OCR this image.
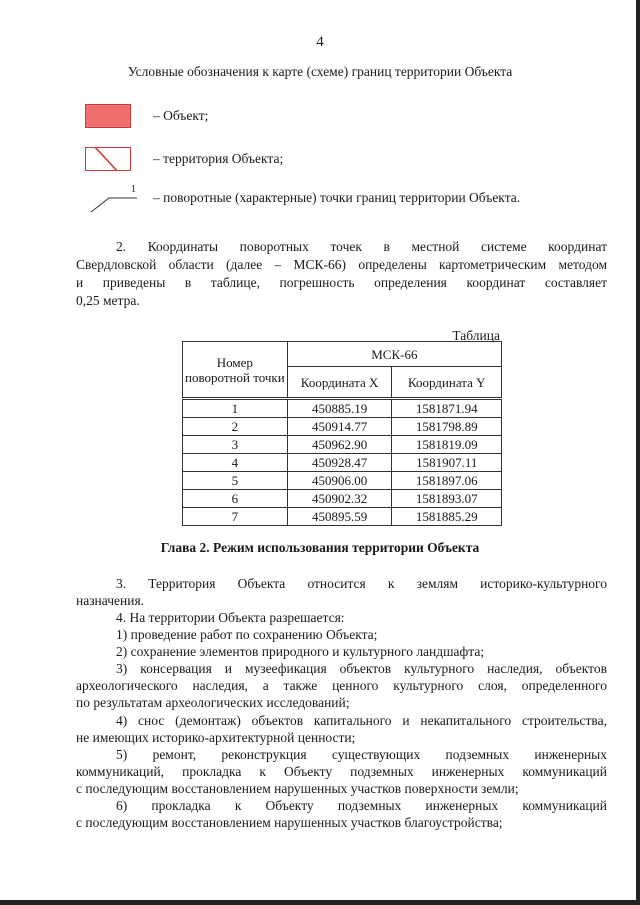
4
Условные обозначения к карте (схеме) границ территории Объекта
– Объект;
– территория Объекта;
1
– поворотные (характерные) точки границ территории Объекта.
2. Координаты поворотных точек в местной системе координат
Свердловской области (далее – МСК-66) определены картометрическим методом
и приведены в таблице, погрешность определения координат составляет
0,25 метра.
Таблица
Номер поворотной точки	МСК-66	
	Координата X	Координата Y
1	450885.19	1581871.94
2	450914.77	1581798.89
3	450962.90	1581819.09
4	450928.47	1581907.11
5	450906.00	1581897.06
6	450902.32	1581893.07
7	450895.59	1581885.29
Глава 2. Режим использования территории Объекта
3. Территория Объекта относится к землям историко-культурного
назначения.
4. На территории Объекта разрешается:
1) проведение работ по сохранению Объекта;
2) сохранение элементов природного и культурного ландшафта;
3) консервация и музеефикация объектов культурного наследия, объектов
археологического наследия, а также ценного культурного слоя, определенного
по результатам археологических исследований;
4) снос (демонтаж) объектов капитального и некапитального строительства,
не имеющих историко-архитектурной ценности;
5) ремонт, реконструкция существующих подземных инженерных
коммуникаций, прокладка к Объекту подземных инженерных коммуникаций
с последующим восстановлением нарушенных участков поверхности земли;
6) прокладка к Объекту подземных инженерных коммуникаций
с последующим восстановлением нарушенных участков благоустройства;
